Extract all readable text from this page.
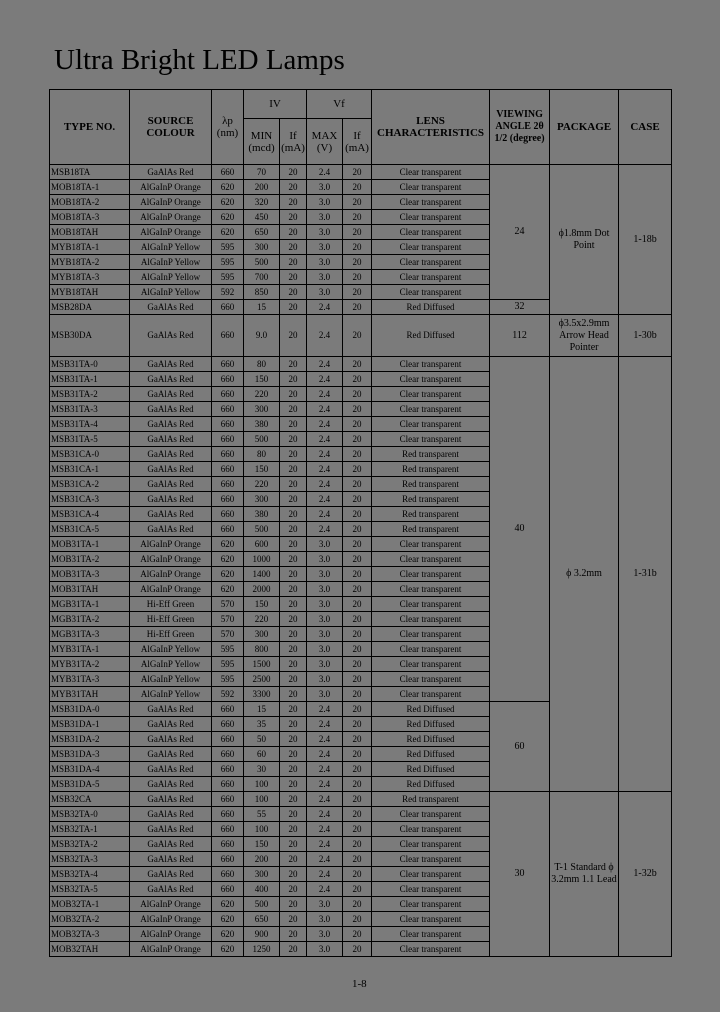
Ultra Bright LED Lamps
TYPE NO.	SOURCE COLOUR	λp (nm)	IV		Vf		LENS CHARACTERISTICS	VIEWING ANGLE 2θ 1/2 (degree)	PACKAGE	CASE
			MIN (mcd)	If (mA)	MAX (V)	If (mA)				
MSB18TA	GaAlAs Red	660	70	20	2.4	20	Clear transparent	24	ϕ1.8mm Dot Point	1-18b
MOB18TA-1	AlGaInP Orange	620	200	20	3.0	20	Clear transparent			
MOB18TA-2	AlGaInP Orange	620	320	20	3.0	20	Clear transparent			
MOB18TA-3	AlGaInP Orange	620	450	20	3.0	20	Clear transparent			
MOB18TAH	AlGaInP Orange	620	650	20	3.0	20	Clear transparent			
MYB18TA-1	AlGaInP Yellow	595	300	20	3.0	20	Clear transparent			
MYB18TA-2	AlGaInP Yellow	595	500	20	3.0	20	Clear transparent			
MYB18TA-3	AlGaInP Yellow	595	700	20	3.0	20	Clear transparent			
MYB18TAH	AlGaInP Yellow	592	850	20	3.0	20	Clear transparent			
MSB28DA	GaAlAs Red	660	15	20	2.4	20	Red Diffused	32		
MSB30DA	GaAlAs Red	660	9.0	20	2.4	20	Red Diffused	112	ϕ3.5x2.9mm Arrow Head Pointer	1-30b
MSB31TA-0	GaAlAs Red	660	80	20	2.4	20	Clear transparent	40	ϕ 3.2mm	1-31b
MSB31TA-1	GaAlAs Red	660	150	20	2.4	20	Clear transparent			
MSB31TA-2	GaAlAs Red	660	220	20	2.4	20	Clear transparent			
MSB31TA-3	GaAlAs Red	660	300	20	2.4	20	Clear transparent			
MSB31TA-4	GaAlAs Red	660	380	20	2.4	20	Clear transparent			
MSB31TA-5	GaAlAs Red	660	500	20	2.4	20	Clear transparent			
MSB31CA-0	GaAlAs Red	660	80	20	2.4	20	Red transparent			
MSB31CA-1	GaAlAs Red	660	150	20	2.4	20	Red transparent			
MSB31CA-2	GaAlAs Red	660	220	20	2.4	20	Red transparent			
MSB31CA-3	GaAlAs Red	660	300	20	2.4	20	Red transparent			
MSB31CA-4	GaAlAs Red	660	380	20	2.4	20	Red transparent			
MSB31CA-5	GaAlAs Red	660	500	20	2.4	20	Red transparent			
MOB31TA-1	AlGaInP Orange	620	600	20	3.0	20	Clear transparent			
MOB31TA-2	AlGaInP Orange	620	1000	20	3.0	20	Clear transparent			
MOB31TA-3	AlGaInP Orange	620	1400	20	3.0	20	Clear transparent			
MOB31TAH	AlGaInP Orange	620	2000	20	3.0	20	Clear transparent			
MGB31TA-1	Hi-Eff Green	570	150	20	3.0	20	Clear transparent			
MGB31TA-2	Hi-Eff Green	570	220	20	3.0	20	Clear transparent			
MGB31TA-3	Hi-Eff Green	570	300	20	3.0	20	Clear transparent			
MYB31TA-1	AlGaInP Yellow	595	800	20	3.0	20	Clear transparent			
MYB31TA-2	AlGaInP Yellow	595	1500	20	3.0	20	Clear transparent			
MYB31TA-3	AlGaInP Yellow	595	2500	20	3.0	20	Clear transparent			
MYB31TAH	AlGaInP Yellow	592	3300	20	3.0	20	Clear transparent			
MSB31DA-0	GaAlAs Red	660	15	20	2.4	20	Red Diffused	60		
MSB31DA-1	GaAlAs Red	660	35	20	2.4	20	Red Diffused			
MSB31DA-2	GaAlAs Red	660	50	20	2.4	20	Red Diffused			
MSB31DA-3	GaAlAs Red	660	60	20	2.4	20	Red Diffused			
MSB31DA-4	GaAlAs Red	660	30	20	2.4	20	Red Diffused			
MSB31DA-5	GaAlAs Red	660	100	20	2.4	20	Red Diffused			
MSB32CA	GaAlAs Red	660	100	20	2.4	20	Red transparent	30	T-1 Standard ϕ 3.2mm 1.1 Lead	1-32b
MSB32TA-0	GaAlAs Red	660	55	20	2.4	20	Clear transparent			
MSB32TA-1	GaAlAs Red	660	100	20	2.4	20	Clear transparent			
MSB32TA-2	GaAlAs Red	660	150	20	2.4	20	Clear transparent			
MSB32TA-3	GaAlAs Red	660	200	20	2.4	20	Clear transparent			
MSB32TA-4	GaAlAs Red	660	300	20	2.4	20	Clear transparent			
MSB32TA-5	GaAlAs Red	660	400	20	2.4	20	Clear transparent			
MOB32TA-1	AlGaInP Orange	620	500	20	3.0	20	Clear transparent			
MOB32TA-2	AlGaInP Orange	620	650	20	3.0	20	Clear transparent			
MOB32TA-3	AlGaInP Orange	620	900	20	3.0	20	Clear transparent			
MOB32TAH	AlGaInP Orange	620	1250	20	3.0	20	Clear transparent			
1-8
